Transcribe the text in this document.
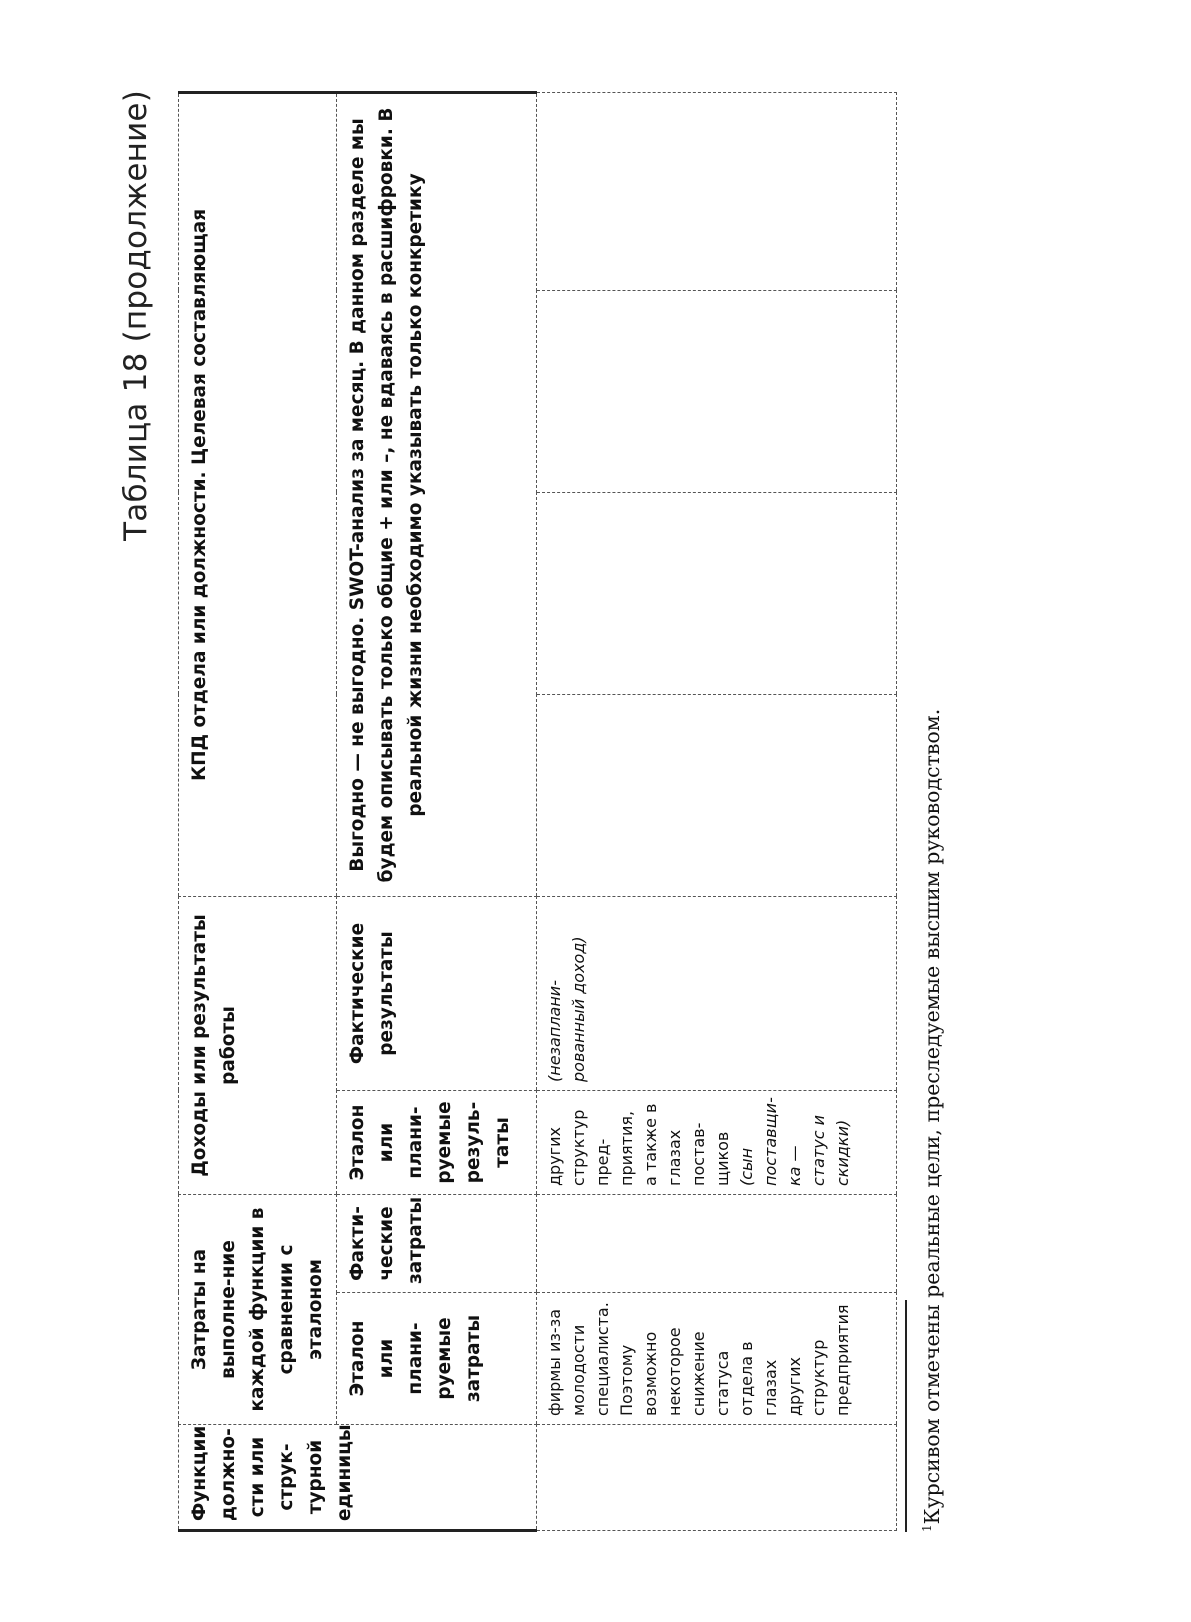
Таблица 18 (продолжение)
Функции должно-сти или струк-турной единицы	Затраты на выполне-ние каждой функции в сравнении с эталоном		Доходы или результаты работы		КПД отдела или должности. Целевая составляющая			
	Эталон или плани-руемые затраты	Факти-ческие затраты	Эталон или плани-руемые резуль-таты	Фактические результаты	Выгодно — не выгодно. SWOT-анализ за месяц. В данном разделе мы будем описывать только общие + или –, не вдаваясь в расшифровки. В реальной жизни необходимо указывать только конкретику			
	фирмы из-за молодости специалиста. Поэтому возможно некоторое снижение статуса отдела в глазах других структур предприятия		других структур пред-приятия, а также в глазах постав-щиков (сын поставщи-ка — статус и скидки)	(незаплани-рованный доход)				
$^1$Курсивом отмечены реальные цели, преследуемые высшим руководством.
